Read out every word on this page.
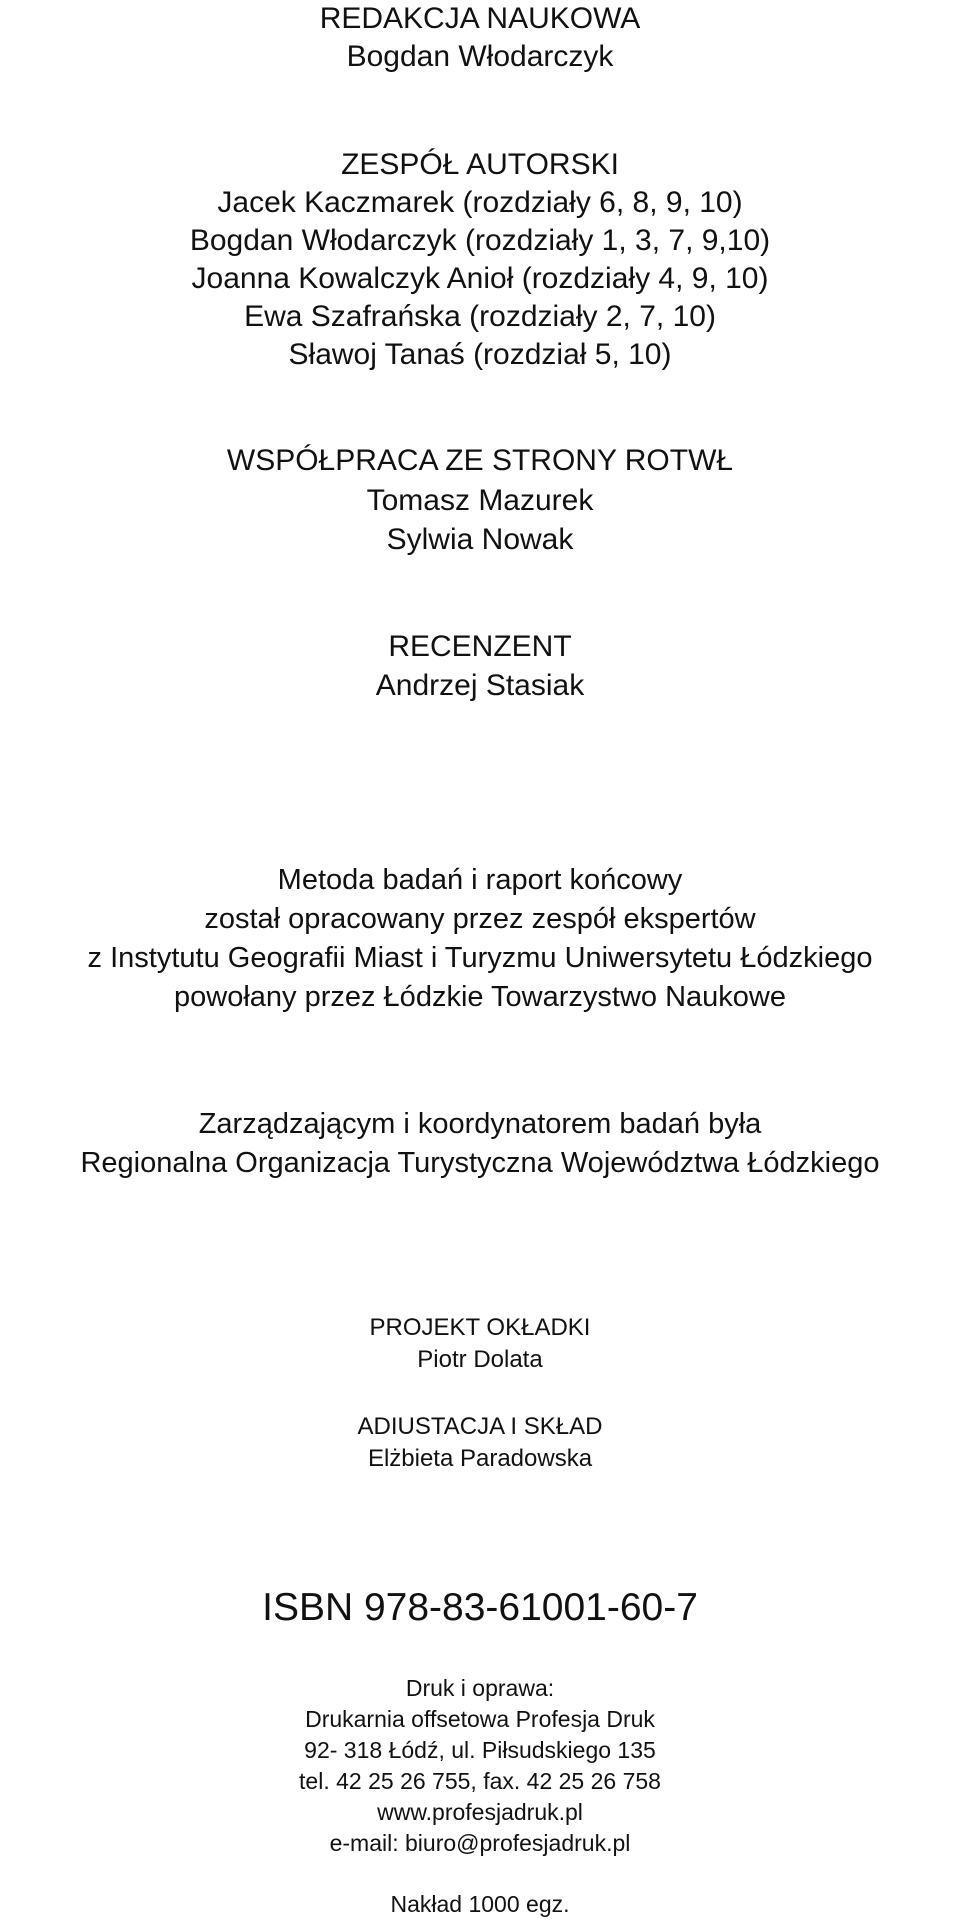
REDAKCJA NAUKOWA
Bogdan Włodarczyk
ZESPÓŁ AUTORSKI
Jacek Kaczmarek (rozdziały 6, 8, 9, 10)
Bogdan Włodarczyk (rozdziały 1, 3, 7, 9,10)
Joanna Kowalczyk Anioł (rozdziały 4, 9, 10)
Ewa Szafrańska (rozdziały 2, 7, 10)
Sławoj Tanaś (rozdział 5, 10)
WSPÓŁPRACA ZE STRONY ROTWŁ
Tomasz Mazurek
Sylwia Nowak
RECENZENT
Andrzej Stasiak
Metoda badań i raport końcowy
został opracowany przez zespół ekspertów
z Instytutu Geografii Miast i Turyzmu Uniwersytetu Łódzkiego
powołany przez Łódzkie Towarzystwo Naukowe
Zarządzającym i koordynatorem badań była
Regionalna Organizacja Turystyczna Województwa Łódzkiego
PROJEKT OKŁADKI
Piotr Dolata
ADIUSTACJA I SKŁAD
Elżbieta Paradowska
ISBN 978-83-61001-60-7
Druk i oprawa:
Drukarnia offsetowa Profesja Druk
92- 318 Łódź, ul. Piłsudskiego 135
tel. 42 25 26 755, fax. 42 25 26 758
www.profesjadruk.pl
e-mail: biuro@profesjadruk.pl
Nakład 1000 egz.
